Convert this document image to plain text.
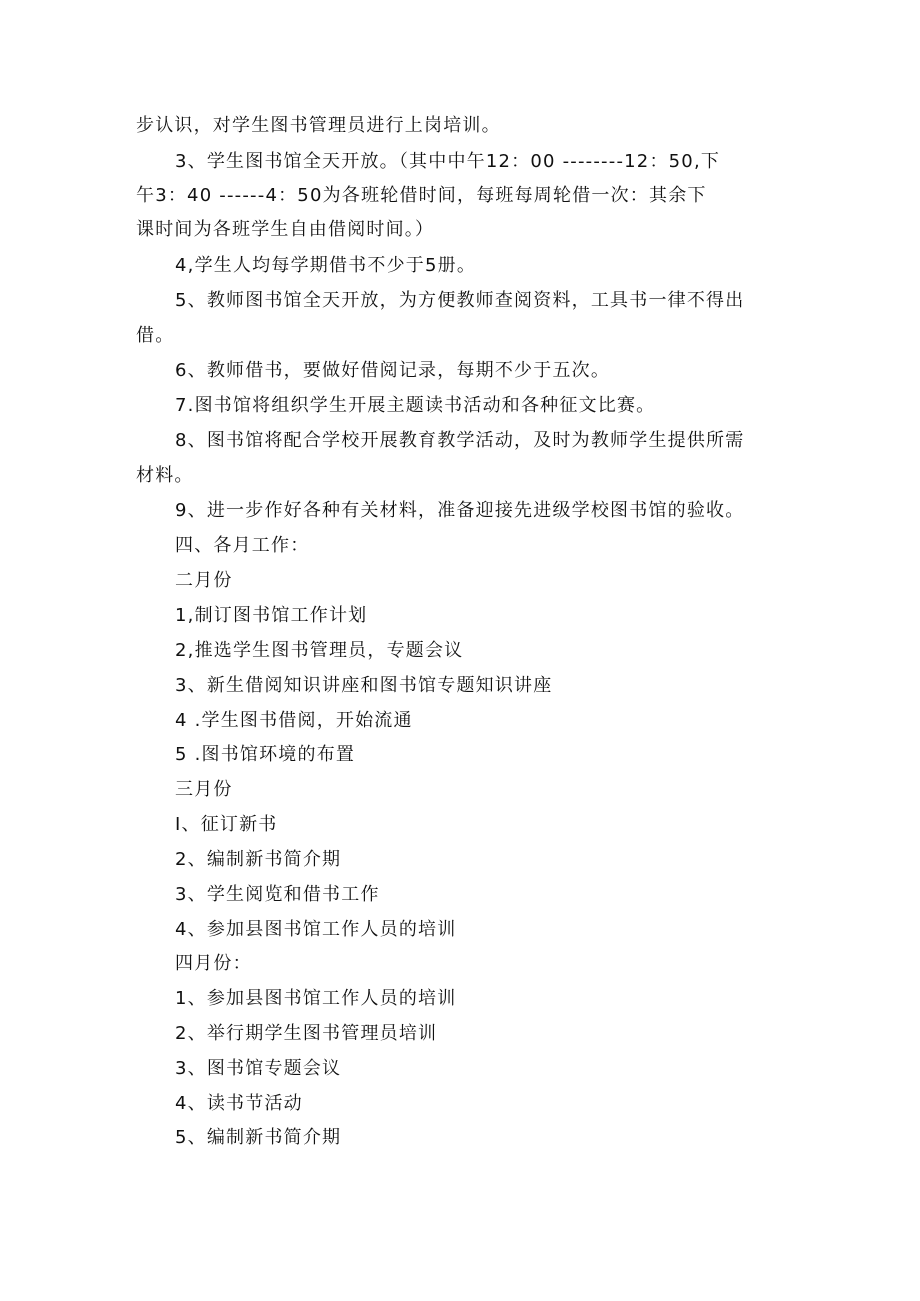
步认识，对学生图书管理员进行上岗培训。
3、学生图书馆全天开放。（其中中午12：00 --------12：50,下
午3：40 ------4：50为各班轮借时间，每班每周轮借一次：其余下
课时间为各班学生自由借阅时间。）
4,学生人均每学期借书不少于5册。
5、教师图书馆全天开放，为方便教师查阅资料，工具书一律不得出
借。
6、教师借书，要做好借阅记录，每期不少于五次。
7.图书馆将组织学生开展主题读书活动和各种征文比赛。
8、图书馆将配合学校开展教育教学活动，及时为教师学生提供所需
材料。
9、进一步作好各种有关材料，准备迎接先进级学校图书馆的验收。
四、各月工作：
二月份
1,制订图书馆工作计划
2,推选学生图书管理员，专题会议
3、新生借阅知识讲座和图书馆专题知识讲座
4 .学生图书借阅，开始流通
5 .图书馆环境的布置
三月份
I、征订新书
2、编制新书简介期
3、学生阅览和借书工作
4、参加县图书馆工作人员的培训
四月份：
1、参加县图书馆工作人员的培训
2、举行期学生图书管理员培训
3、图书馆专题会议
4、读书节活动
5、编制新书简介期
